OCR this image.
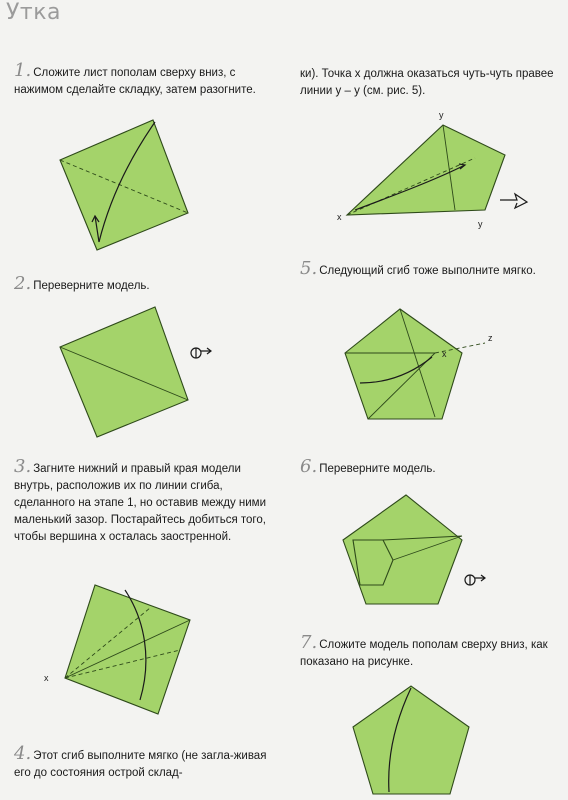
Утка
1. Сложите лист пополам сверху вниз, с нажимом сделайте складку, затем разогните.
2. Переверните модель.
3. Загните нижний и правый края модели внутрь, расположив их по линии сгиба, сделанного на этапе 1, но оставив между ними маленький зазор. Постарайтесь добиться того, чтобы вершина x осталась заостренной.
x
4. Этот сгиб выполните мягко (не загла-живая его до состояния острой склад-
ки). Точка x должна оказаться чуть-чуть правее линии y – y (см. рис. 5).
x
y
y
5. Следующий сгиб тоже выполните мягко.
x
z
6. Переверните модель.
7. Сложите модель пополам сверху вниз, как показано на рисунке.
